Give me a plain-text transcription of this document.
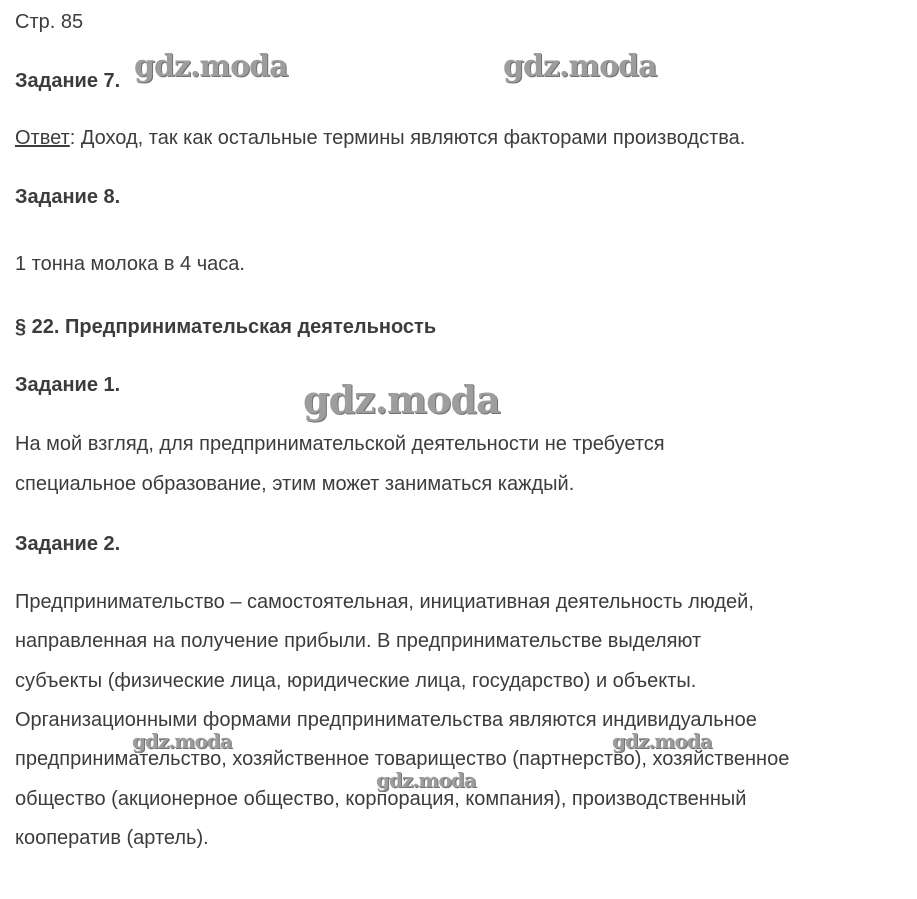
Стр. 85
Задание 7.
Ответ: Доход, так как остальные термины являются факторами производства.
Задание 8.
1 тонна молока в 4 часа.
§ 22. Предпринимательская деятельность
Задание 1.
На мой взгляд, для предпринимательской деятельности не требуется
специальное образование, этим может заниматься каждый.
Задание 2.
Предпринимательство – самостоятельная, инициативная деятельность людей,
направленная на получение прибыли. В предпринимательстве выделяют
субъекты (физические лица, юридические лица, государство) и объекты.
Организационными формами предпринимательства являются индивидуальное
предпринимательство, хозяйственное товарищество (партнерство), хозяйственное
общество (акционерное общество, корпорация, компания), производственный
кооператив (артель).
gdz.moda	gdz.moda
gdz.moda
gdz.moda	gdz.moda
gdz.moda
